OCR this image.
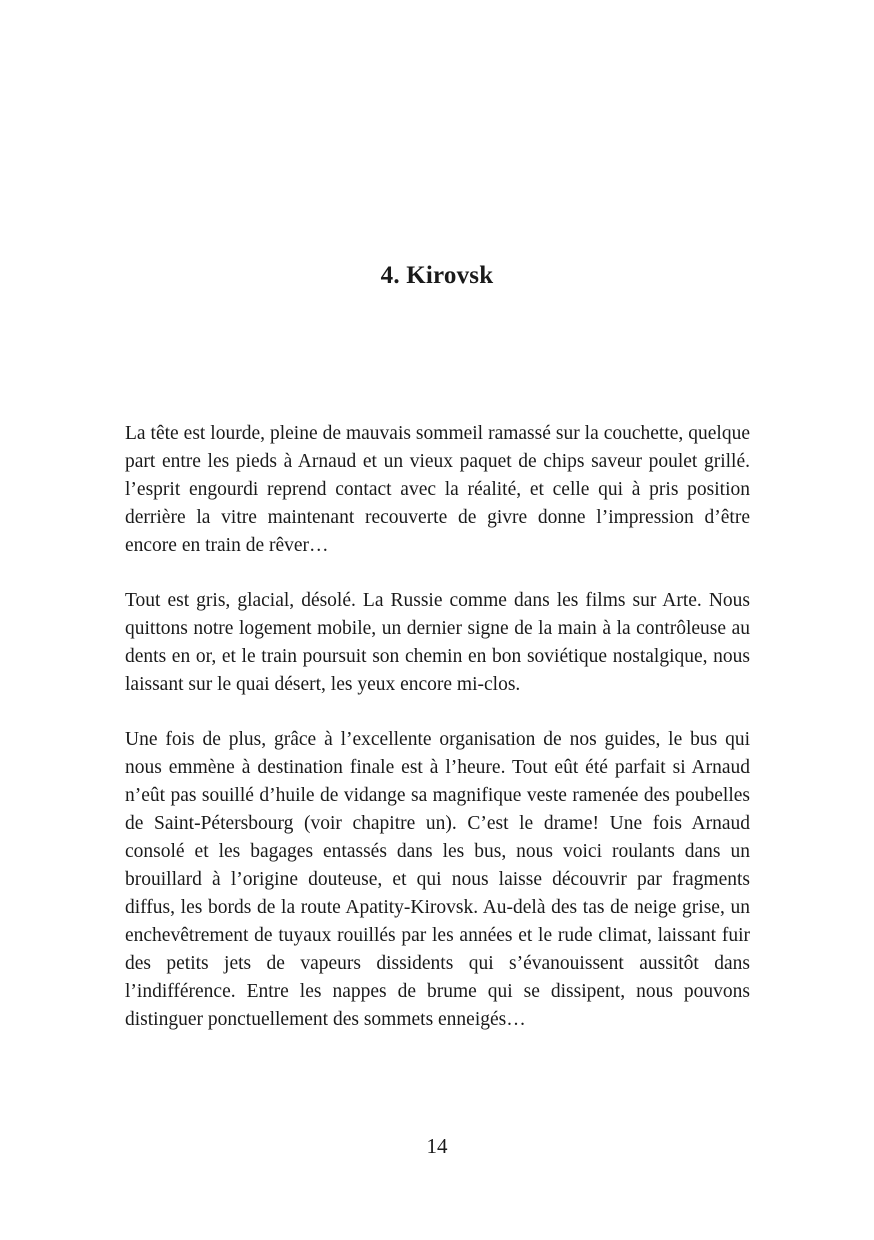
4. Kirovsk

La tête est lourde, pleine de mauvais sommeil ramassé sur la couchette, quelque part entre les pieds à Arnaud et un vieux paquet de chips saveur poulet grillé. l’esprit engourdi reprend contact avec la réalité, et celle qui à pris position derrière la vitre maintenant recouverte de givre donne l’impression d’être encore en train de rêver…

Tout est gris, glacial, désolé. La Russie comme dans les films sur Arte. Nous quittons notre logement mobile, un dernier signe de la main à la contrôleuse au dents en or, et le train poursuit son chemin en bon soviétique nostalgique, nous laissant sur le quai désert, les yeux encore mi-clos.

Une fois de plus, grâce à l’excellente organisation de nos guides, le bus qui nous emmène à destination finale est à l’heure. Tout eût été parfait si Arnaud n’eût pas souillé d’huile de vidange sa magnifique veste ramenée des poubelles de Saint-Pétersbourg (voir chapitre un). C’est le drame! Une fois Arnaud consolé et les bagages entassés dans les bus, nous voici roulants dans un brouillard à l’origine douteuse, et qui nous laisse découvrir par fragments diffus, les bords de la route Apatity-Kirovsk. Au-delà des tas de neige grise, un enchevêtrement de tuyaux rouillés par les années et le rude climat, laissant fuir des petits jets de vapeurs dissidents qui s’évanouissent aussitôt dans l’indifférence. Entre les nappes de brume qui se dissipent, nous pouvons distinguer ponctuellement des sommets enneigés…

14
